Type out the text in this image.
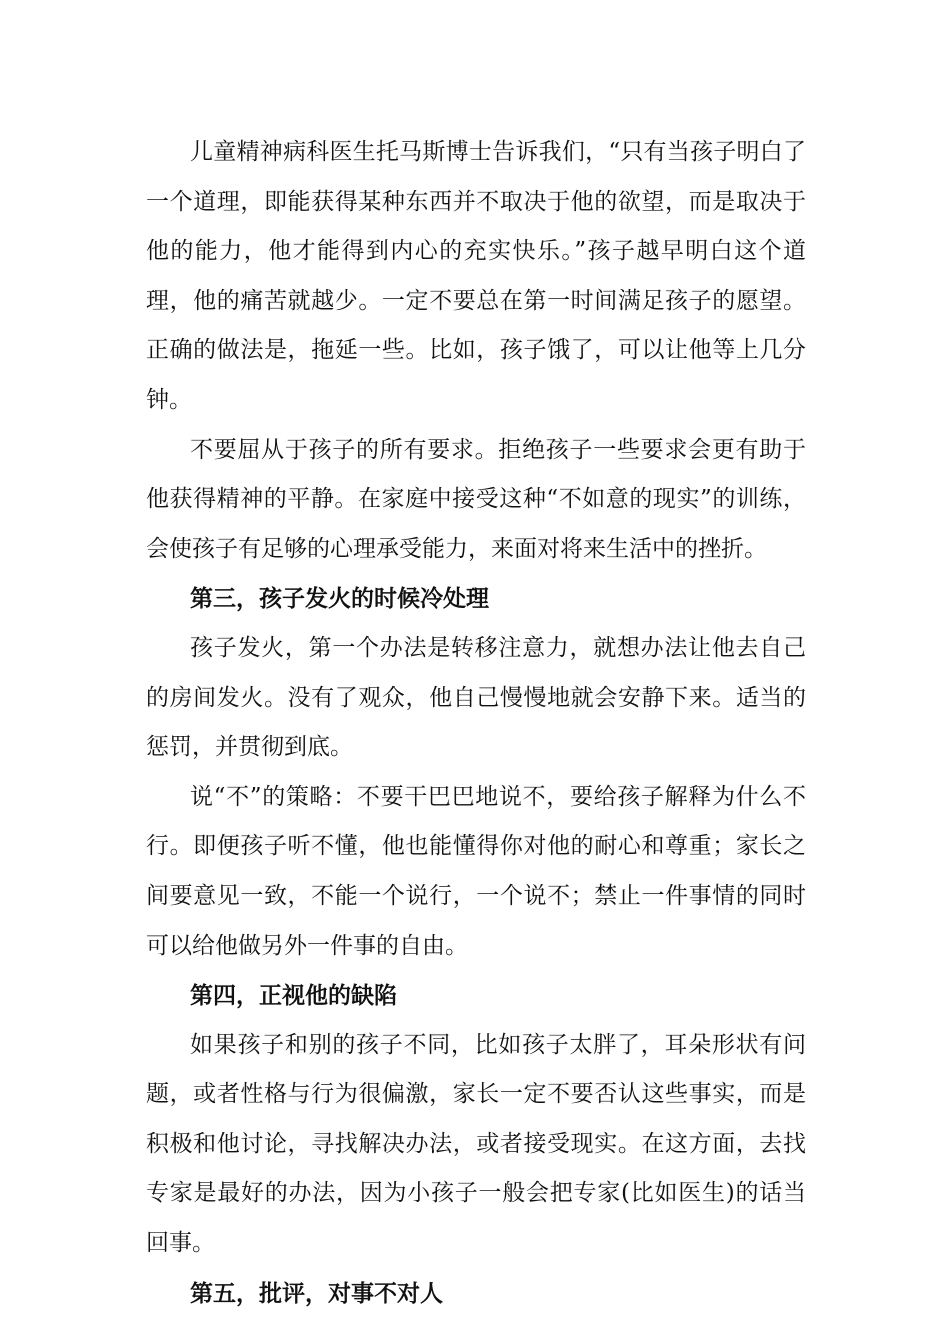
儿童精神病科医生托马斯博士告诉我们，“只有当孩子明白了一个道理，即能获得某种东西并不取决于他的欲望，而是取决于他的能力，他才能得到内心的充实快乐。”孩子越早明白这个道理，他的痛苦就越少。一定不要总在第一时间满足孩子的愿望。正确的做法是，拖延一些。比如，孩子饿了，可以让他等上几分钟。

不要屈从于孩子的所有要求。拒绝孩子一些要求会更有助于他获得精神的平静。在家庭中接受这种“不如意的现实”的训练，会使孩子有足够的心理承受能力，来面对将来生活中的挫折。

第三，孩子发火的时候冷处理

孩子发火，第一个办法是转移注意力，就想办法让他去自己的房间发火。没有了观众，他自己慢慢地就会安静下来。适当的惩罚，并贯彻到底。

说“不”的策略：不要干巴巴地说不，要给孩子解释为什么不行。即便孩子听不懂，他也能懂得你对他的耐心和尊重；家长之间要意见一致，不能一个说行，一个说不；禁止一件事情的同时可以给他做另外一件事的自由。

第四，正视他的缺陷

如果孩子和别的孩子不同，比如孩子太胖了，耳朵形状有问题，或者性格与行为很偏激，家长一定不要否认这些事实，而是积极和他讨论，寻找解决办法，或者接受现实。在这方面，去找专家是最好的办法，因为小孩子一般会把专家(比如医生)的话当回事。

第五，批评，对事不对人
